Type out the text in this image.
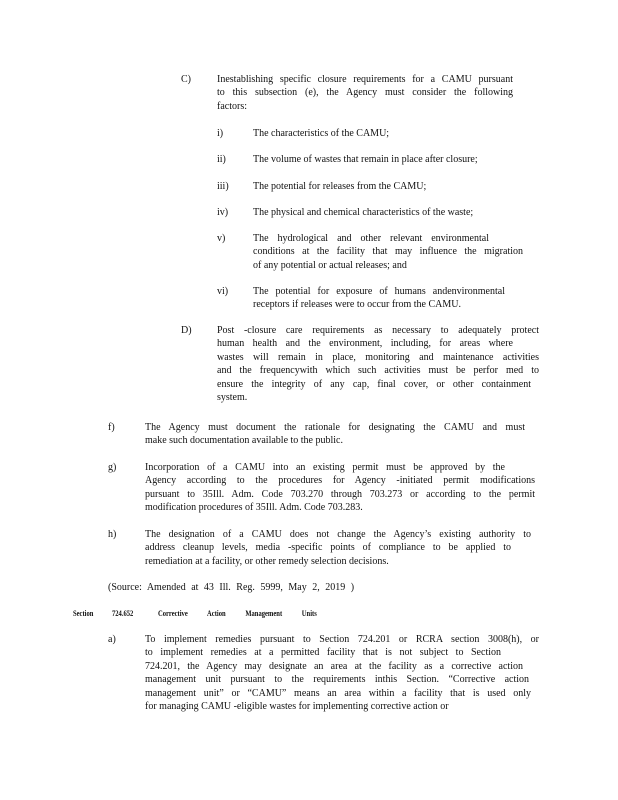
C)	Inestablishing specific closure requirements for a CAMU pursuant

to this subsection (e), the Agency must consider the following

factors:

i)	The characteristics of the CAMU;

ii)	The volume of wastes that remain in place after closure;

iii) The potential for releases from the CAMU;

iv) The physical and chemical characteristics of the waste;

v)	The hydrological and other relevant environmental

conditions at the facility that may influence the migration

of any potential or actual releases; and

vi) The potential for exposure of humans andenvironmental

receptors if releases were to occur from the CAMU.

D)	Post -closure care requirements as necessary to adequately protect

human health and the environment, including, for areas where

wastes will remain in place, monitoring and maintenance activities

and the frequencywith which such activities must be perfor med to

ensure the integrity of any cap, final cover, or other containment

system.

f)	The Agency must document the rationale for designating the CAMU and must

make such documentation available to the public.

g)	Incorporation of a CAMU into an existing permit must be approved by the

Agency according to the procedures for Agency -initiated permit modifications

pursuant to 35Ill. Adm. Code 703.270 through 703.273 or according to the permit

modification procedures of 35Ill. Adm. Code 703.283.

h)	The designation of a CAMU does not change the Agency’s existing authority to

address cleanup levels, media -specific points of compliance to be applied to

remediation at a facility, or other remedy selection decisions.

(Source: Amended at 43 Ill. Reg. 5999, May 2, 2019 )
Section 724.652	Corrective Action Management Units
a)	To implement remedies pursuant to Section 724.201 or RCRA section 3008(h), or

to implement remedies at a permitted facility that is not subject to Section

724.201, the Agency may designate an area at the facility as a corrective action

management unit pursuant to the requirements inthis Section. “Corrective action

management unit” or “CAMU” means an area within a facility that is used only

for managing CAMU -eligible wastes for implementing corrective action or
